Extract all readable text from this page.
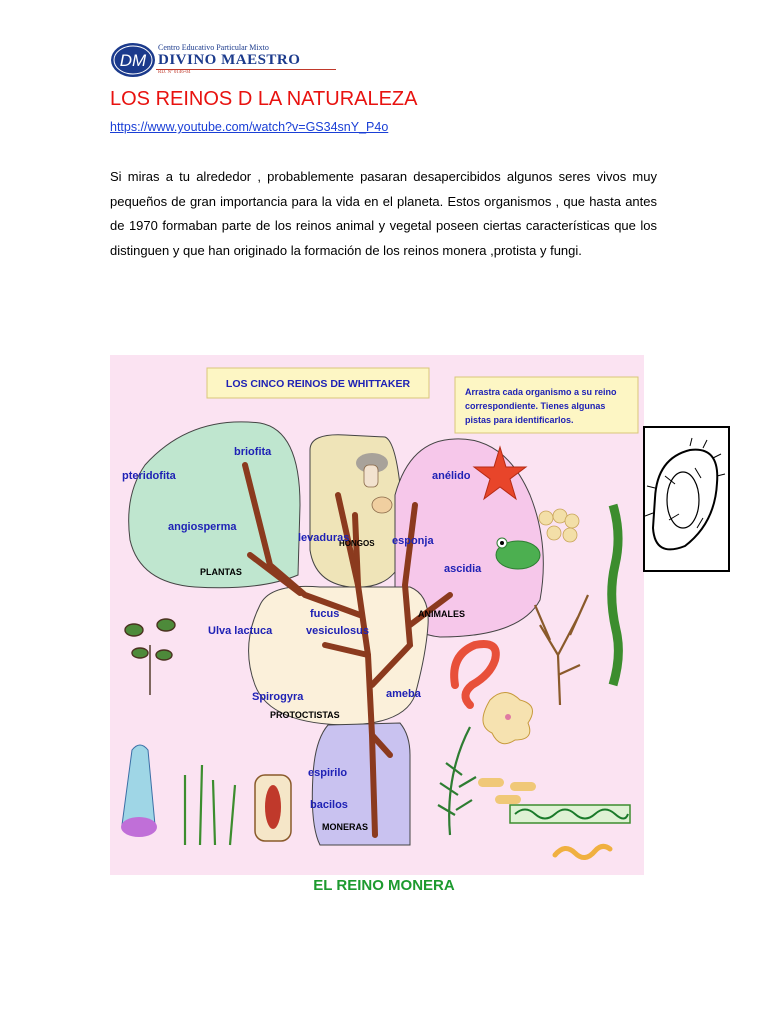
DM
Centro Educativo Particular Mixto
DIVINO MAESTRO
RD. Nº 0146-04
LOS REINOS D LA NATURALEZA
https://www.youtube.com/watch?v=GS34snY_P4o
Si miras a tu alrededor , probablemente pasaran desapercibidos algunos seres vivos muy pequeños de gran importancia para la vida en el planeta. Estos organismos , que hasta antes de 1970 formaban parte de los reinos animal y vegetal poseen ciertas características que los distinguen y que han originado la formación de los reinos monera ,protista y fungi.
LOS CINCO REINOS DE WHITTAKER
Arrastra cada organismo a su reino
correspondiente. Tienes algunas
pistas para identificarlos.
PLANTAS
HONGOS
ANIMALES
PROTOCTISTAS
MONERAS
briofita
pteridofita
angiosperma
levaduras
anélido
esponja
ascidia
fucus
Ulva lactuca	vesiculosus
Spirogyra	ameba
espirilo
bacilos
EL REINO MONERA
